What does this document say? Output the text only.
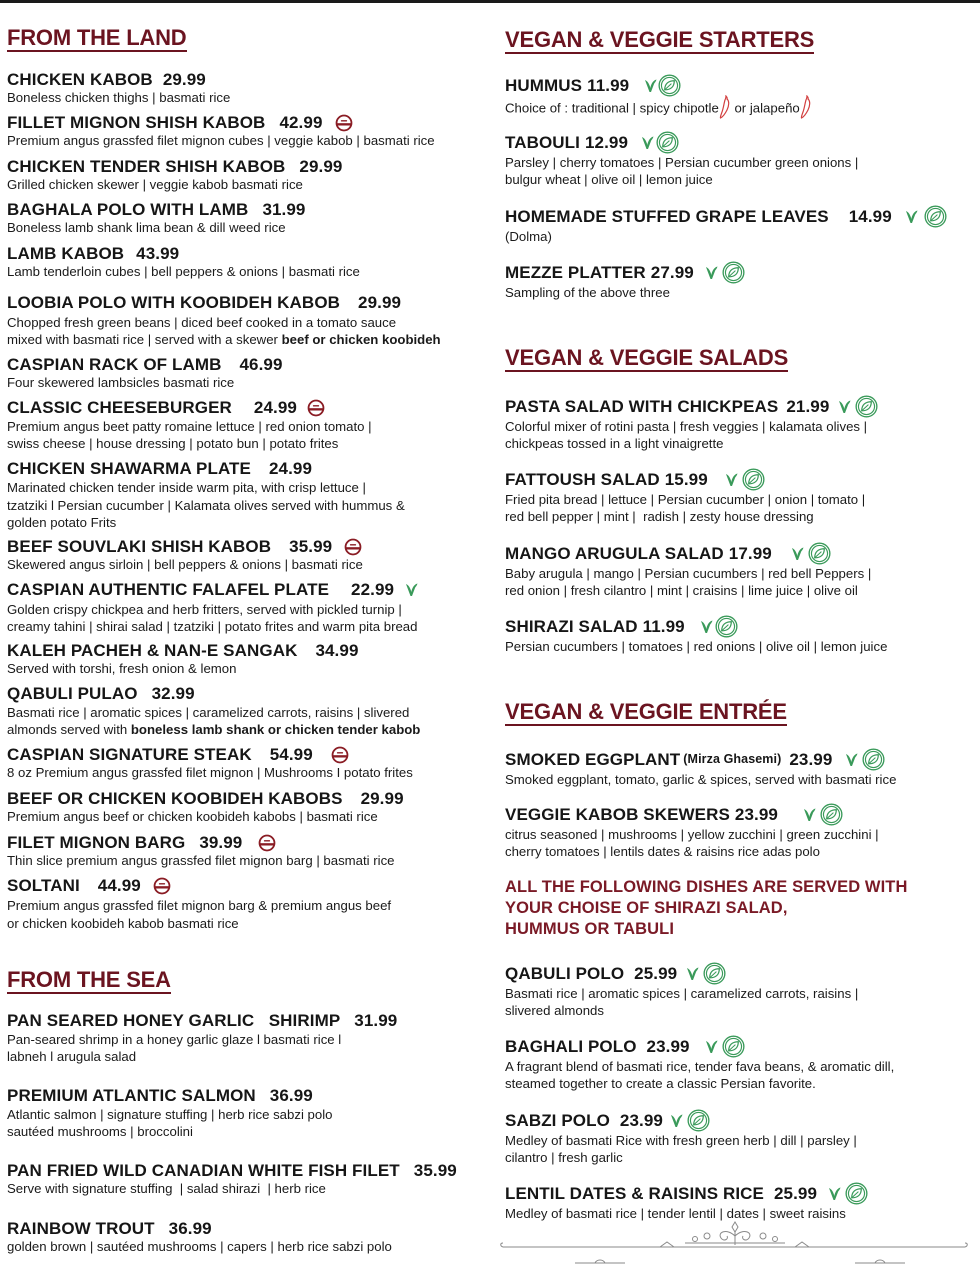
FROM THE LAND
CHICKEN KABOB 29.99
Boneless chicken thighs | basmati rice
FILLET MIGNON SHISH KABOB 42.99
Premium angus grassfed filet mignon cubes | veggie kabob | basmati rice
CHICKEN TENDER SHISH KABOB 29.99
Grilled chicken skewer | veggie kabob basmati rice
BAGHALA POLO WITH LAMB 31.99
Boneless lamb shank lima bean & dill weed rice
LAMB KABOB 43.99
Lamb tenderloin cubes | bell peppers & onions | basmati rice
LOOBIA POLO WITH KOOBIDEH KABOB 29.99
Chopped fresh green beans | diced beef cooked in a tomato sauce
mixed with basmati rice | served with a skewer beef or chicken koobideh
CASPIAN RACK OF LAMB 46.99
Four skewered lambsicles basmati rice
CLASSIC CHEESEBURGER 24.99
Premium angus beet patty romaine lettuce | red onion tomato |
swiss cheese | house dressing | potato bun | potato frites
CHICKEN SHAWARMA PLATE 24.99
Marinated chicken tender inside warm pita, with crisp lettuce |
tzatziki l Persian cucumber | Kalamata olives served with hummus &
golden potato Frits
BEEF SOUVLAKI SHISH KABOB 35.99
Skewered angus sirloin | bell peppers & onions | basmati rice
CASPIAN AUTHENTIC FALAFEL PLATE 22.99
Golden crispy chickpea and herb fritters, served with pickled turnip |
creamy tahini | shirai salad | tzatziki | potato frites and warm pita bread
KALEH PACHEH & NAN-E SANGAK 34.99
Served with torshi, fresh onion & lemon
QABULI PULAO 32.99
Basmati rice | aromatic spices | caramelized carrots, raisins | slivered
almonds served with boneless lamb shank or chicken tender kabob
CASPIAN SIGNATURE STEAK 54.99
8 oz Premium angus grassfed filet mignon | Mushrooms I potato frites
BEEF OR CHICKEN KOOBIDEH KABOBS 29.99
Premium angus beef or chicken koobideh kabobs | basmati rice
FILET MIGNON BARG 39.99
Thin slice premium angus grassfed filet mignon barg | basmati rice
SOLTANI 44.99
Premium angus grassfed filet mignon barg & premium angus beef
or chicken koobideh kabob basmati rice
FROM THE SEA
PAN SEARED HONEY GARLIC   SHIRIMP 31.99
Pan-seared shrimp in a honey garlic glaze l basmati rice l
labneh l arugula salad
PREMIUM ATLANTIC SALMON 36.99
Atlantic salmon | signature stuffing | herb rice sabzi polo
sautéed mushrooms | broccolini
PAN FRIED WILD CANADIAN WHITE FISH FILET 35.99
Serve with signature stuffing  | salad shirazi  | herb rice
RAINBOW TROUT 36.99
golden brown | sautéed mushrooms | capers | herb rice sabzi polo
VEGAN & VEGGIE STARTERS
HUMMUS 11.99
Choice of : traditional | spicy chipotle or jalapeño
TABOULI 12.99
Parsley | cherry tomatoes | Persian cucumber green onions |
bulgur wheat | olive oil | lemon juice
HOMEMADE STUFFED GRAPE LEAVES 14.99
(Dolma)
MEZZE PLATTER 27.99
Sampling of the above three
VEGAN & VEGGIE SALADS
PASTA SALAD WITH CHICKPEAS 21.99
Colorful mixer of rotini pasta | fresh veggies | kalamata olives |
chickpeas tossed in a light vinaigrette
FATTOUSH SALAD 15.99
Fried pita bread | lettuce | Persian cucumber | onion | tomato |
red bell pepper | mint |  radish | zesty house dressing
MANGO ARUGULA SALAD 17.99
Baby arugula | mango | Persian cucumbers | red bell Peppers |
red onion | fresh cilantro | mint | craisins | lime juice | olive oil
SHIRAZI SALAD 11.99
Persian cucumbers | tomatoes | red onions | olive oil | lemon juice
VEGAN & VEGGIE ENTRÉE
SMOKED EGGPLANT (Mirza Ghasemi) 23.99
Smoked eggplant, tomato, garlic & spices, served with basmati rice
VEGGIE KABOB SKEWERS 23.99
citrus seasoned | mushrooms | yellow zucchini | green zucchini |
cherry tomatoes | lentils dates & raisins rice adas polo

ALL THE FOLLOWING DISHES ARE SERVED WITH

YOUR CHOISE OF SHIRAZI SALAD,

HUMMUS OR TABULI

QABULI POLO 25.99
Basmati rice | aromatic spices | caramelized carrots, raisins |
slivered almonds
BAGHALI POLO 23.99
A fragrant blend of basmati rice, tender fava beans, & aromatic dill,
steamed together to create a classic Persian favorite.
SABZI POLO 23.99
Medley of basmati Rice with fresh green herb | dill | parsley |
cilantro | fresh garlic
LENTIL DATES & RAISINS RICE 25.99
Medley of basmati rice | tender lentil | dates | sweet raisins
